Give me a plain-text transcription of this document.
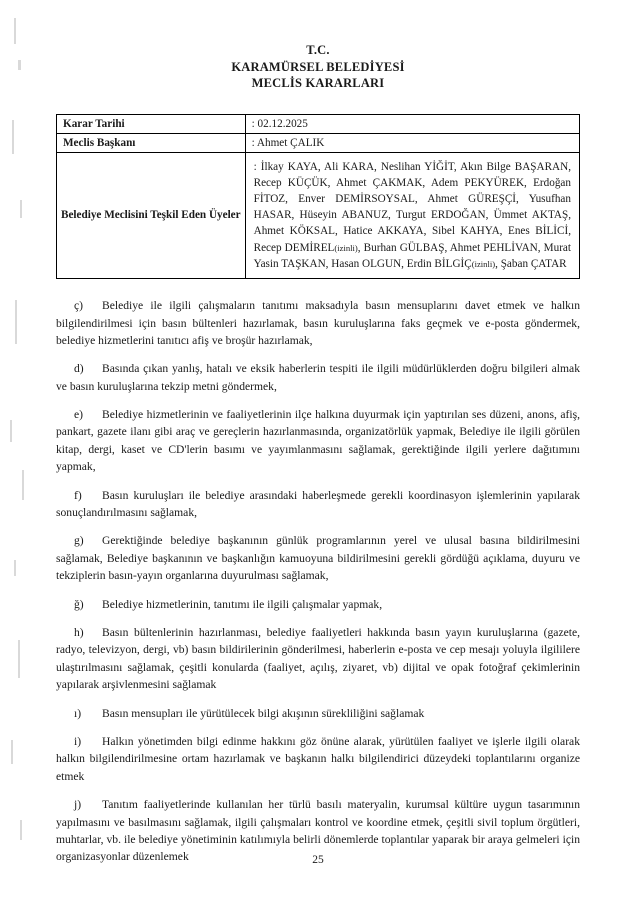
T.C.
KARAMÜRSEL BELEDİYESİ
MECLİS KARARLARI
Karar Tarihi	: 02.12.2025
Meclis Başkanı	: Ahmet ÇALIK
Belediye Meclisini Teşkil Eden Üyeler	: İlkay KAYA, Ali KARA, Neslihan YİĞİT, Akın Bilge BAŞARAN, Recep KÜÇÜK, Ahmet ÇAKMAK, Adem PEKYÜREK, Erdoğan FİTOZ, Enver DEMİRSOYSAL, Ahmet GÜREŞÇİ, Yusufhan HASAR, Hüseyin ABANUZ, Turgut ERDOĞAN, Ümmet AKTAŞ, Ahmet KÖKSAL, Hatice AKKAYA, Sibel KAHYA, Enes BİLİCİ, Recep DEMİREL(izinli), Burhan GÜLBAŞ, Ahmet PEHLİVAN, Murat Yasin TAŞKAN, Hasan OLGUN, Erdin BİLGİÇ(izinli), Şaban ÇATAR

ç) Belediye ile ilgili çalışmaların tanıtımı maksadıyla basın mensuplarını davet etmek ve halkın bilgilendirilmesi için basın bültenleri hazırlamak, basın kuruluşlarına faks geçmek ve e-posta göndermek, belediye hizmetlerini tanıtıcı afiş ve broşür hazırlamak,

d) Basında çıkan yanlış, hatalı ve eksik haberlerin tespiti ile ilgili müdürlüklerden doğru bilgileri almak ve basın kuruluşlarına tekzip metni göndermek,

e) Belediye hizmetlerinin ve faaliyetlerinin ilçe halkına duyurmak için yaptırılan ses düzeni, anons, afiş, pankart, gazete ilanı gibi araç ve gereçlerin hazırlanmasında, organizatörlük yapmak, Belediye ile ilgili görülen kitap, dergi, kaset ve CD'lerin basımı ve yayımlanmasını sağlamak, gerektiğinde ilgili yerlere dağıtımını yapmak,

f) Basın kuruluşları ile belediye arasındaki haberleşmede gerekli koordinasyon işlemlerinin yapılarak sonuçlandırılmasını sağlamak,

g) Gerektiğinde belediye başkanının günlük programlarının yerel ve ulusal basına bildirilmesini sağlamak, Belediye başkanının ve başkanlığın kamuoyuna bildirilmesini gerekli gördüğü açıklama, duyuru ve tekziplerin basın-yayın organlarına duyurulması sağlamak,

ğ) Belediye hizmetlerinin, tanıtımı ile ilgili çalışmalar yapmak,

h) Basın bültenlerinin hazırlanması, belediye faaliyetleri hakkında basın yayın kuruluşlarına (gazete, radyo, televizyon, dergi, vb) basın bildirilerinin gönderilmesi, haberlerin e-posta ve cep mesajı yoluyla ilgililere ulaştırılmasını sağlamak, çeşitli konularda (faaliyet, açılış, ziyaret, vb) dijital ve opak fotoğraf çekimlerinin yapılarak arşivlenmesini sağlamak

ı) Basın mensupları ile yürütülecek bilgi akışının sürekliliğini sağlamak

i) Halkın yönetimden bilgi edinme hakkını göz önüne alarak, yürütülen faaliyet ve işlerle ilgili olarak halkın bilgilendirilmesine ortam hazırlamak ve başkanın halkı bilgilendirici düzeydeki toplantılarını organize etmek

j) Tanıtım faaliyetlerinde kullanılan her türlü basılı materyalin, kurumsal kültüre uygun tasarımının yapılmasını ve basılmasını sağlamak, ilgili çalışmaları kontrol ve koordine etmek, çeşitli sivil toplum örgütleri, muhtarlar, vb. ile belediye yönetiminin katılımıyla belirli dönemlerde toplantılar yaparak bir araya gelmeleri için organizasyonlar düzenlemek	25
